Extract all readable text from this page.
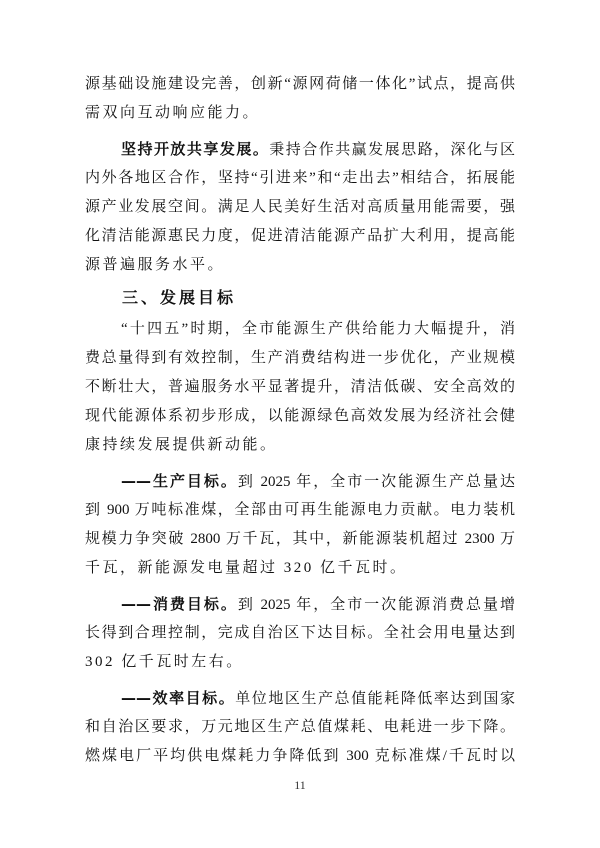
源基础设施建设完善，创新“源网荷储一体化”试点，提高供
需双向互动响应能力。
坚持开放共享发展。秉持合作共赢发展思路，深化与区
内外各地区合作，坚持“引进来”和“走出去”相结合，拓展能
源产业发展空间。满足人民美好生活对高质量用能需要，强
化清洁能源惠民力度，促进清洁能源产品扩大利用，提高能
源普遍服务水平。
三、发展目标
“十四五”时期，全市能源生产供给能力大幅提升，消
费总量得到有效控制，生产消费结构进一步优化，产业规模
不断壮大，普遍服务水平显著提升，清洁低碳、安全高效的
现代能源体系初步形成，以能源绿色高效发展为经济社会健
康持续发展提供新动能。
——生产目标。到 2025 年，全市一次能源生产总量达
到 900 万吨标准煤，全部由可再生能源电力贡献。电力装机
规模力争突破 2800 万千瓦，其中，新能源装机超过 2300 万
千瓦，新能源发电量超过 320 亿千瓦时。
——消费目标。到 2025 年，全市一次能源消费总量增
长得到合理控制，完成自治区下达目标。全社会用电量达到
302 亿千瓦时左右。
——效率目标。单位地区生产总值能耗降低率达到国家
和自治区要求，万元地区生产总值煤耗、电耗进一步下降。
燃煤电厂平均供电煤耗力争降低到 300 克标准煤/千瓦时以
11
